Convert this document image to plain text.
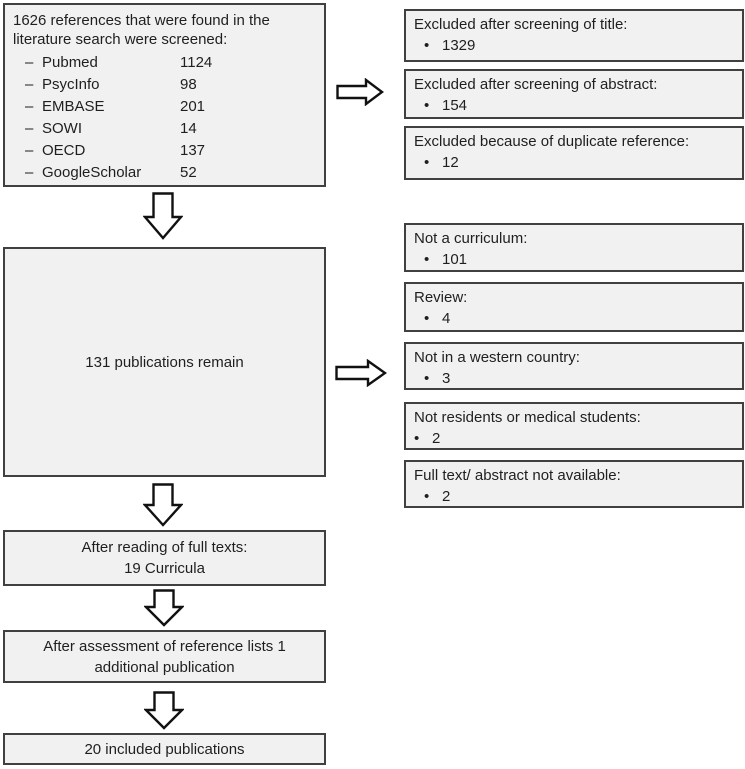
1626 references that were found in the literature search were screened:
– Pubmed	1124
– PsycInfo	98
– EMBASE	201
– SOWI	14
– OECD	137
– GoogleScholar	52
131 publications remain
After reading of full texts:
19 Curricula
After assessment of reference lists 1 additional publication
20 included publications
Excluded after screening of title:
• 1329
Excluded after screening of abstract:
• 154
Excluded because of duplicate reference:
• 12
Not a curriculum:
• 101
Review:
• 4
Not in a western country:
• 3
Not residents or medical students:
• 2
Full text/ abstract not available:
• 2
